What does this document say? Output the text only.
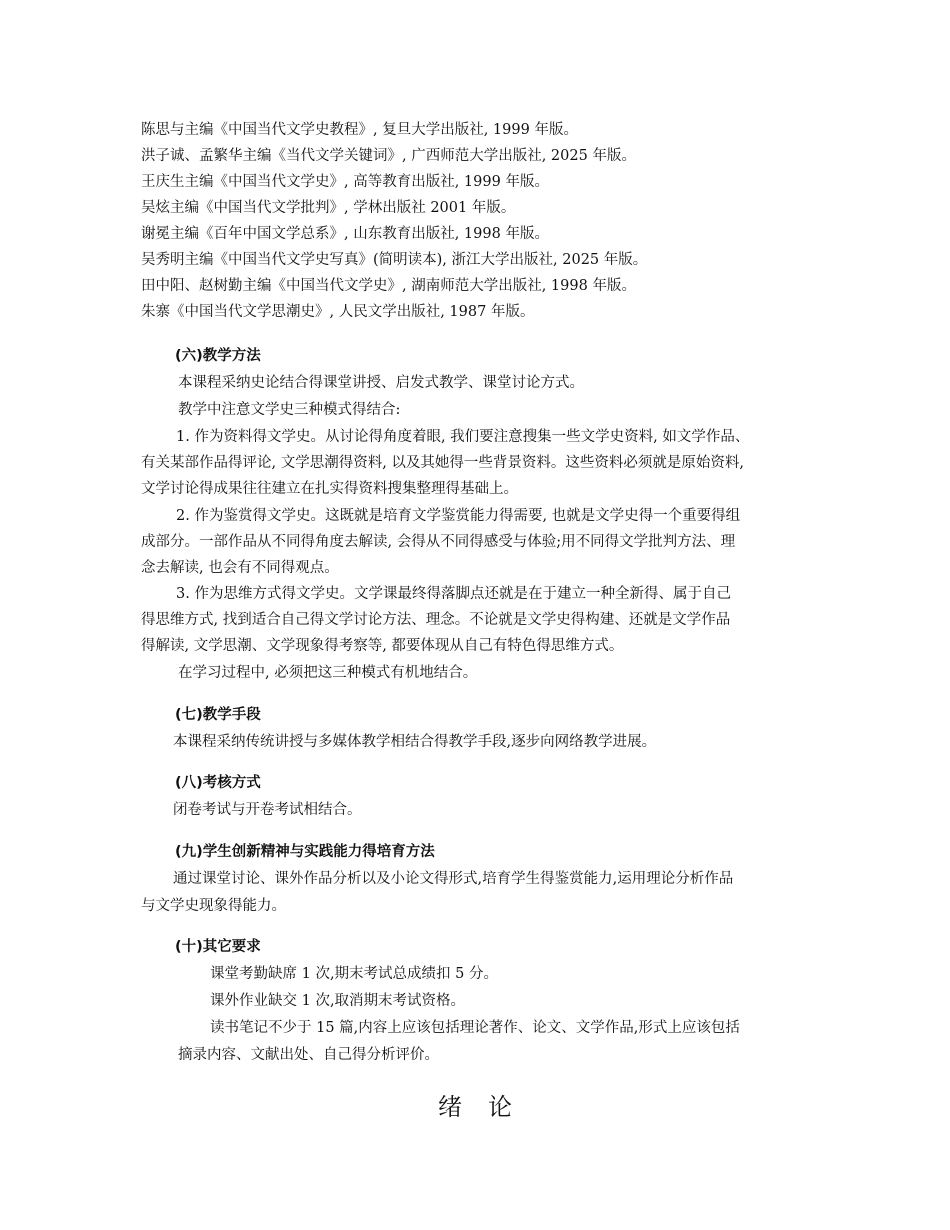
陈思与主编《中国当代文学史教程》, 复旦大学出版社, 1999 年版。
洪子诚、孟繁华主编《当代文学关键词》, 广西师范大学出版社, 2025 年版。
王庆生主编《中国当代文学史》, 高等教育出版社, 1999 年版。
吴炫主编《中国当代文学批判》, 学林出版社 2001 年版。
谢冕主编《百年中国文学总系》, 山东教育出版社, 1998 年版。
吴秀明主编《中国当代文学史写真》(简明读本), 浙江大学出版社, 2025 年版。
田中阳、赵树勤主编《中国当代文学史》, 湖南师范大学出版社, 1998 年版。
朱寨《中国当代文学思潮史》, 人民文学出版社, 1987 年版。
(六)教学方法
本课程采纳史论结合得课堂讲授、启发式教学、课堂讨论方式。
教学中注意文学史三种模式得结合:
1. 作为资料得文学史。从讨论得角度着眼, 我们要注意搜集一些文学史资料, 如文学作品、
有关某部作品得评论, 文学思潮得资料, 以及其她得一些背景资料。这些资料必须就是原始资料,
文学讨论得成果往往建立在扎实得资料搜集整理得基础上。
2. 作为鉴赏得文学史。这既就是培育文学鉴赏能力得需要, 也就是文学史得一个重要得组
成部分。一部作品从不同得角度去解读, 会得从不同得感受与体验;用不同得文学批判方法、理
念去解读, 也会有不同得观点。
3. 作为思维方式得文学史。文学课最终得落脚点还就是在于建立一种全新得、属于自己
得思维方式, 找到适合自己得文学讨论方法、理念。不论就是文学史得构建、还就是文学作品
得解读, 文学思潮、文学现象得考察等, 都要体现从自己有特色得思维方式。
在学习过程中, 必须把这三种模式有机地结合。
(七)教学手段
本课程采纳传统讲授与多媒体教学相结合得教学手段,逐步向网络教学进展。
(八)考核方式
闭卷考试与开卷考试相结合。
(九)学生创新精神与实践能力得培育方法
通过课堂讨论、课外作品分析以及小论文得形式,培育学生得鉴赏能力,运用理论分析作品
与文学史现象得能力。
(十)其它要求
课堂考勤缺席 1 次,期末考试总成绩扣 5 分。
课外作业缺交 1 次,取消期末考试资格。
读书笔记不少于 15 篇,内容上应该包括理论著作、论文、文学作品,形式上应该包括
摘录内容、文献出处、自己得分析评价。
绪论
